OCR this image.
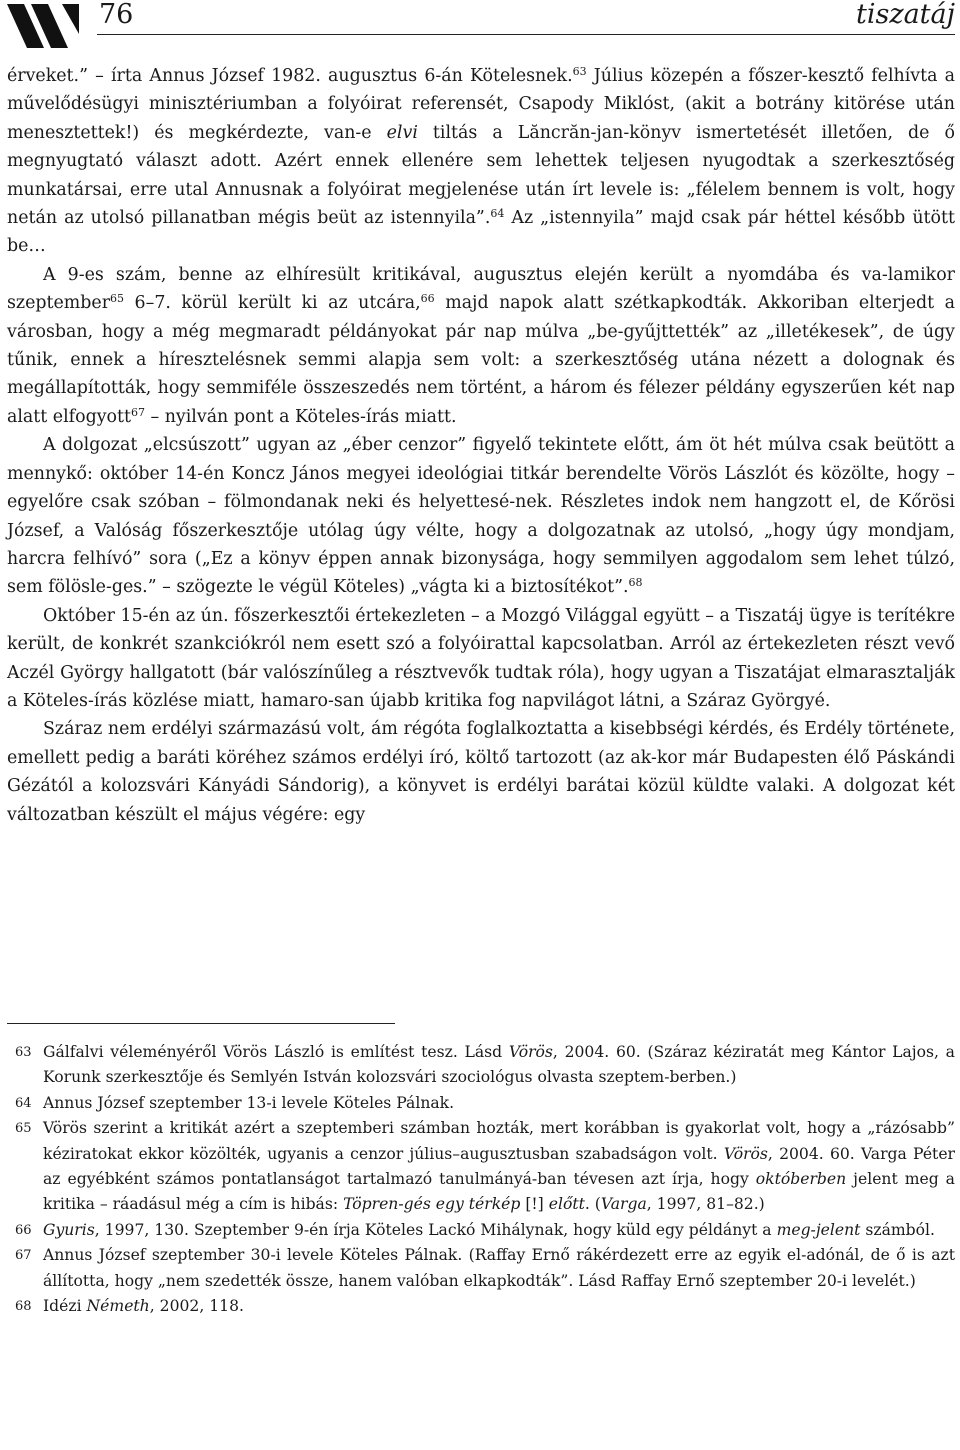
76	tiszatáj

érveket.” – írta Annus József 1982. augusztus 6-án Kötelesnek.$^{63}$ Július közepén a főszer-kesztő felhívta a művelődésügyi minisztériumban a folyóirat referensét, Csapody Miklóst, (akit a botrány kitörése után menesztettek!) és megkérdezte, van-e elvi tiltás a Lăncrăn-jan-könyv ismertetését illetően, de ő megnyugtató választ adott. Azért ennek ellenére sem lehettek teljesen nyugodtak a szerkesztőség munkatársai, erre utal Annusnak a folyóirat megjelenése után írt levele is: „félelem bennem is volt, hogy netán az utolsó pillanatban mégis beüt az istennyila”.$^{64}$ Az „istennyila” majd csak pár héttel később ütött be…

A 9-es szám, benne az elhíresült kritikával, augusztus elején került a nyomdába és va-lamikor szeptember$^{65}$ 6–7. körül került ki az utcára,$^{66}$ majd napok alatt szétkapkodták. Akkoriban elterjedt a városban, hogy a még megmaradt példányokat pár nap múlva „be-gyűjttették” az „illetékesek”, de úgy tűnik, ennek a híresztelésnek semmi alapja sem volt: a szerkesztőség utána nézett a dolognak és megállapították, hogy semmiféle összeszedés nem történt, a három és félezer példány egyszerűen két nap alatt elfogyott$^{67}$ – nyilván pont a Köteles-írás miatt.

A dolgozat „elcsúszott” ugyan az „éber cenzor” figyelő tekintete előtt, ám öt hét múlva csak beütött a mennykő: október 14-én Koncz János megyei ideológiai titkár berendelte Vörös Lászlót és közölte, hogy – egyelőre csak szóban – fölmondanak neki és helyettesé-nek. Részletes indok nem hangzott el, de Kőrösi József, a Valóság főszerkesztője utólag úgy vélte, hogy a dolgozatnak az utolsó, „hogy úgy mondjam, harcra felhívó” sora („Ez a könyv éppen annak bizonysága, hogy semmilyen aggodalom sem lehet túlzó, sem fölösle-ges.” – szögezte le végül Köteles) „vágta ki a biztosítékot”.$^{68}$

Október 15-én az ún. főszerkesztői értekezleten – a Mozgó Világgal együtt – a Tiszatáj ügye is terítékre került, de konkrét szankciókról nem esett szó a folyóirattal kapcsolatban. Arról az értekezleten részt vevő Aczél György hallgatott (bár valószínűleg a résztvevők tudtak róla), hogy ugyan a Tiszatájat elmarasztalják a Köteles-írás közlése miatt, hamaro-san újabb kritika fog napvilágot látni, a Száraz Györgyé.

Száraz nem erdélyi származású volt, ám régóta foglalkoztatta a kisebbségi kérdés, és Erdély története, emellett pedig a baráti köréhez számos erdélyi író, költő tartozott (az ak-kor már Budapesten élő Páskándi Gézától a kolozsvári Kányádi Sándorig), a könyvet is erdélyi barátai közül küldte valaki. A dolgozat két változatban készült el május végére: egy

63 Gálfalvi véleményéről Vörös László is említést tesz. Lásd Vörös, 2004. 60. (Száraz kéziratát meg Kántor Lajos, a Korunk szerkesztője és Semlyén István kolozsvári szociológus olvasta szeptem-berben.)

64 Annus József szeptember 13-i levele Köteles Pálnak.

65 Vörös szerint a kritikát azért a szeptemberi számban hozták, mert korábban is gyakorlat volt, hogy a „rázósabb” kéziratokat ekkor közölték, ugyanis a cenzor július–augusztusban szabadságon volt. Vörös, 2004. 60. Varga Péter az egyébként számos pontatlanságot tartalmazó tanulmányá-ban tévesen azt írja, hogy októberben jelent meg a kritika – ráadásul még a cím is hibás: Töpren-gés egy térkép [!] előtt. (Varga, 1997, 81–82.)

66 Gyuris, 1997, 130. Szeptember 9-én írja Köteles Lackó Mihálynak, hogy küld egy példányt a meg-jelent számból.

67 Annus József szeptember 30-i levele Köteles Pálnak. (Raffay Ernő rákérdezett erre az egyik el-adónál, de ő is azt állította, hogy „nem szedették össze, hanem valóban elkapkodták”. Lásd Raffay Ernő szeptember 20-i levelét.)

68 Idézi Németh, 2002, 118.
